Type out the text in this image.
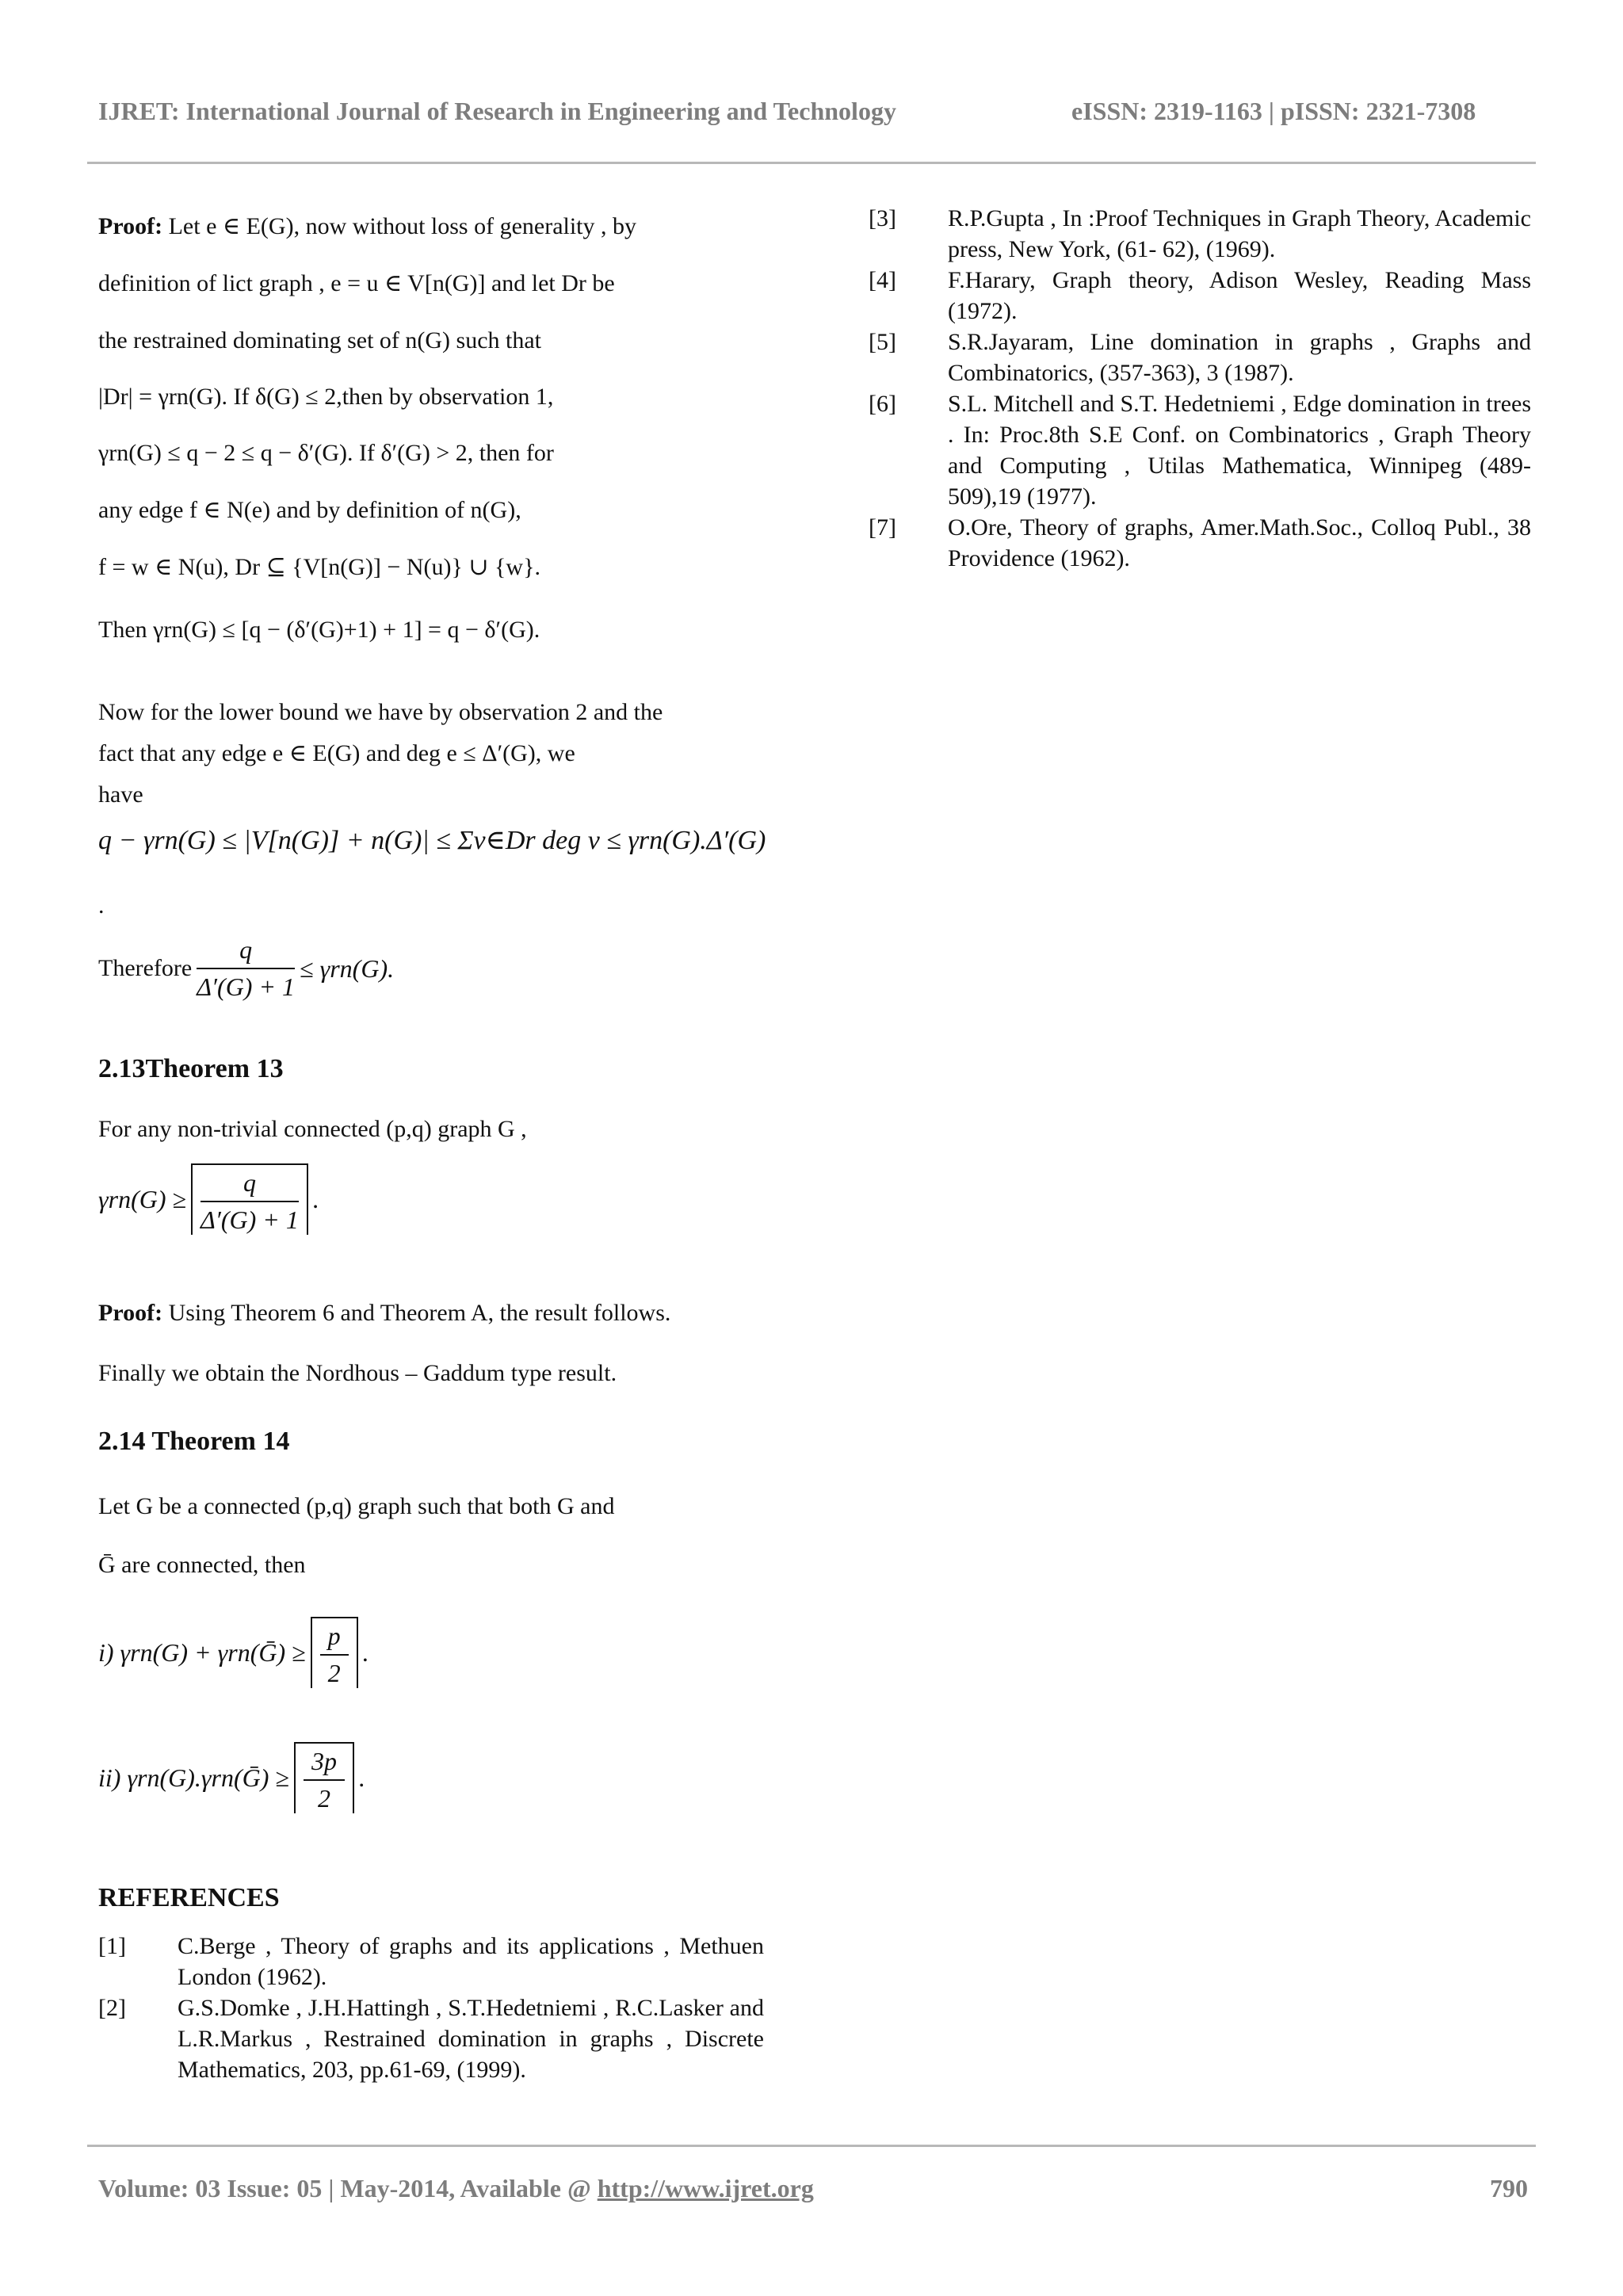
IJRET: International Journal of Research in Engineering and Technology	eISSN: 2319-1163 | pISSN: 2321-7308
Proof: Let e ∈ E(G), now without loss of generality , by
definition of lict graph , e = u ∈ V[n(G)] and let Dr be
the restrained dominating set of n(G) such that
|Dr| = γrn(G). If δ(G) ≤ 2,then by observation 1,
γrn(G) ≤ q − 2 ≤ q − δ′(G). If δ′(G) > 2, then for
any edge f ∈ N(e) and by definition of n(G),
f = w ∈ N(u), Dr ⊆ {V[n(G)] − N(u)} ∪ {w}.
Then γrn(G) ≤ [q − (δ′(G)+1) + 1] = q − δ′(G).
Now for the lower bound we have by observation 2 and the
fact that any edge e ∈ E(G) and deg e ≤ Δ′(G), we
have
q − γrn(G) ≤ |V[n(G)] + n(G)| ≤ Σv∈Dr deg v ≤ γrn(G).Δ′(G)
.
Therefore $\frac{q}{\Delta'(G) + 1} \le \gamma rn(G)$.
2.13Theorem 13
For any non-trivial connected (p,q) graph G ,
$\gamma rn(G) \ge \frac{q}{\Delta'(G) + 1}$ .
Proof: Using Theorem 6 and Theorem A, the result follows.
Finally we obtain the Nordhous – Gaddum type result.
2.14 Theorem 14
Let G be a connected (p,q) graph such that both G and
Ḡ are connected, then
i) γrn(G) + γrn(Ḡ) ≥ $\frac{p}{2}$ .
ii) γrn(G).γrn(Ḡ) ≥ $\frac{3p}{2}$ .
REFERENCES
[1]	C.Berge , Theory of graphs and its applications , Methuen London (1962).
[2]	G.S.Domke , J.H.Hattingh , S.T.Hedetniemi , R.C.Lasker and L.R.Markus , Restrained domination in graphs , Discrete Mathematics, 203, pp.61-69, (1999).
[3]	R.P.Gupta , In :Proof Techniques in Graph Theory, Academic press, New York, (61- 62), (1969).
[4]	F.Harary, Graph theory, Adison Wesley, Reading Mass (1972).
[5]	S.R.Jayaram, Line domination in graphs , Graphs and Combinatorics, (357-363), 3 (1987).
[6]	S.L. Mitchell and S.T. Hedetniemi , Edge domination in trees . In: Proc.8th S.E Conf. on Combinatorics , Graph Theory and Computing , Utilas Mathematica, Winnipeg (489-509),19 (1977).
[7]	O.Ore, Theory of graphs, Amer.Math.Soc., Colloq Publ., 38 Providence (1962).
Volume: 03 Issue: 05 | May-2014, Available @ http://www.ijret.org	790
